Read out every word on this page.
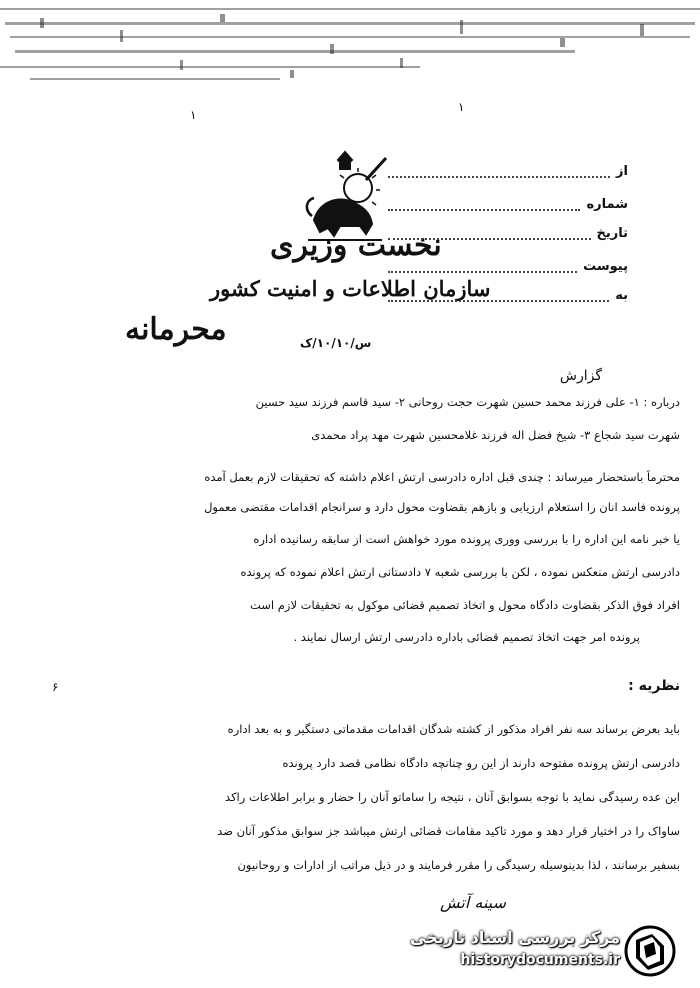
۱
۱
۶
نخست وزیری
سازمان اطلاعات و امنیت کشور
محرمانه	س/۱۰/۱۰/ک
از
شماره
تاریخ
پیوست
به
گزارش
درباره : ۱- علی فرزند محمد حسین شهرت حجت روحانی ۲- سید قاسم فرزند سید حسین
شهرت سید شجاع ۳- شیخ فضل اله فرزند غلامحسین شهرت مهد پراد محمدی
محترماً باستحضار میرساند : چندی قبل اداره دادرسی ارتش اعلام داشته که تحقیقات لازم بعمل آمده
پرونده فاسد انان را استعلام ارزیابی و بازهم بقضاوت محول دارد و سرانجام اقدامات مقتضی معمول
یا خبر نامه این اداره را با بررسی ووری پرونده مورد خواهش است از سابقه رسانیده اداره
دادرسی ارتش منعکس نموده ، لکن با بررسی شعبه ۷ دادستانی ارتش اعلام نموده که پرونده
افراد فوق الذکر بقضاوت دادگاه محول و اتخاذ تصمیم قضائی موکول به تحقیقات لازم است
پرونده امر جهت اتخاذ تصمیم قضائی باداره دادرسی ارتش ارسال نمایند .
نظریه :
باید بعرض برساند سه نفر افراد مذکور از کشته شدگان اقدامات مقدماتی دستگیر و به بعد اداره
دادرسی ارتش پرونده مفتوحه دارند از این رو چنانچه دادگاه نظامی قصد دارد پرونده
این عده رسیدگی نماید با توجه بسوابق آنان ، نتیجه را ساماتو آنان را حضار و برابر اطلاعات راکد
ساواک را در اختیار قرار دهد و مورد تاکید مقامات قضائی ارتش میباشد جز سوابق مذکور آنان ضد
بسفیر برسانند ، لذا بدینوسیله رسیدگی را مقرر فرمایند و در ذیل مراتب از ادارات و روحانیون
سینه آتش
مرکز بررسی اسناد تاریخی
historydocuments.ir
